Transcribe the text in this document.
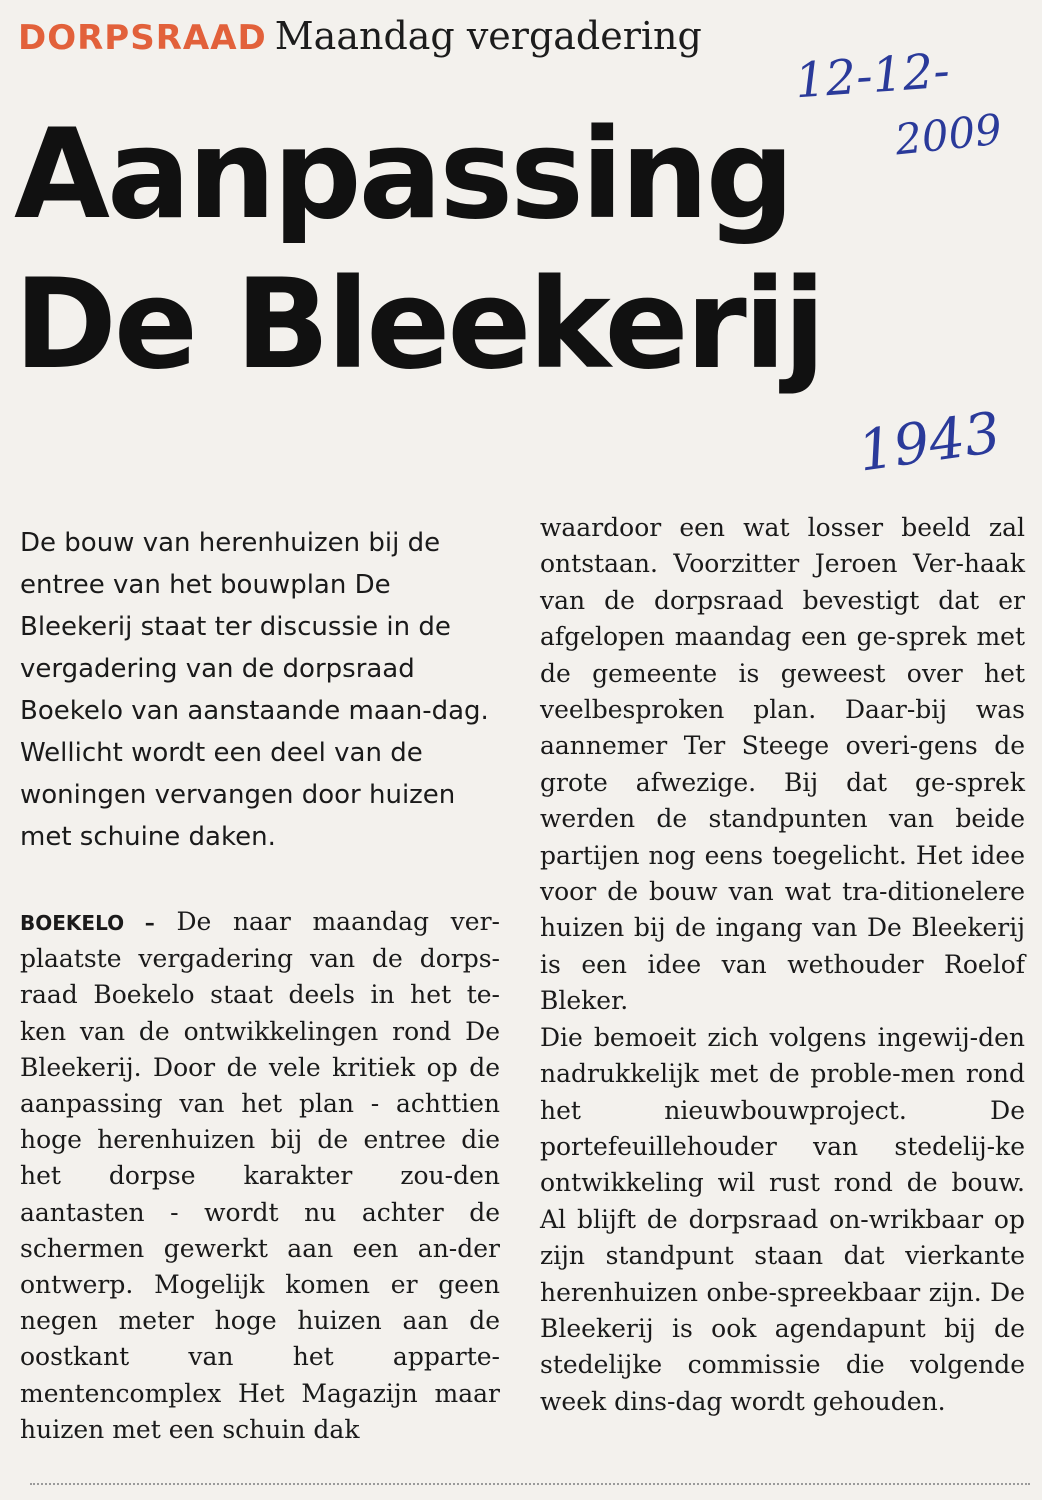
DORPSRAAD Maandag vergadering
Aanpassing
De Bleekerij
12-12-
2009
1943

De bouw van herenhuizen bij de entree van het bouwplan De Bleekerij staat ter discussie in de vergadering van de dorpsraad Boekelo van aanstaande maan-dag. Wellicht wordt een deel van de woningen vervangen door huizen met schuine daken.

BOEKELO – De naar maandag ver-plaatste vergadering van de dorps-raad Boekelo staat deels in het te-ken van de ontwikkelingen rond De Bleekerij. Door de vele kritiek op de aanpassing van het plan - achttien hoge herenhuizen bij de entree die het dorpse karakter zou-den aantasten - wordt nu achter de schermen gewerkt aan een an-der ontwerp. Mogelijk komen er geen negen meter hoge huizen aan de oostkant van het apparte-mentencomplex Het Magazijn maar huizen met een schuin dak

waardoor een wat losser beeld zal ontstaan. Voorzitter Jeroen Ver-haak van de dorpsraad bevestigt dat er afgelopen maandag een ge-sprek met de gemeente is geweest over het veelbesproken plan. Daar-bij was aannemer Ter Steege overi-gens de grote afwezige. Bij dat ge-sprek werden de standpunten van beide partijen nog eens toegelicht. Het idee voor de bouw van wat tra-ditionelere huizen bij de ingang van De Bleekerij is een idee van wethouder Roelof Bleker.

Die bemoeit zich volgens ingewij-den nadrukkelijk met de proble-men rond het nieuwbouwproject. De portefeuillehouder van stedelij-ke ontwikkeling wil rust rond de bouw. Al blijft de dorpsraad on-wrikbaar op zijn standpunt staan dat vierkante herenhuizen onbe-spreekbaar zijn. De Bleekerij is ook agendapunt bij de stedelijke commissie die volgende week dins-dag wordt gehouden.
